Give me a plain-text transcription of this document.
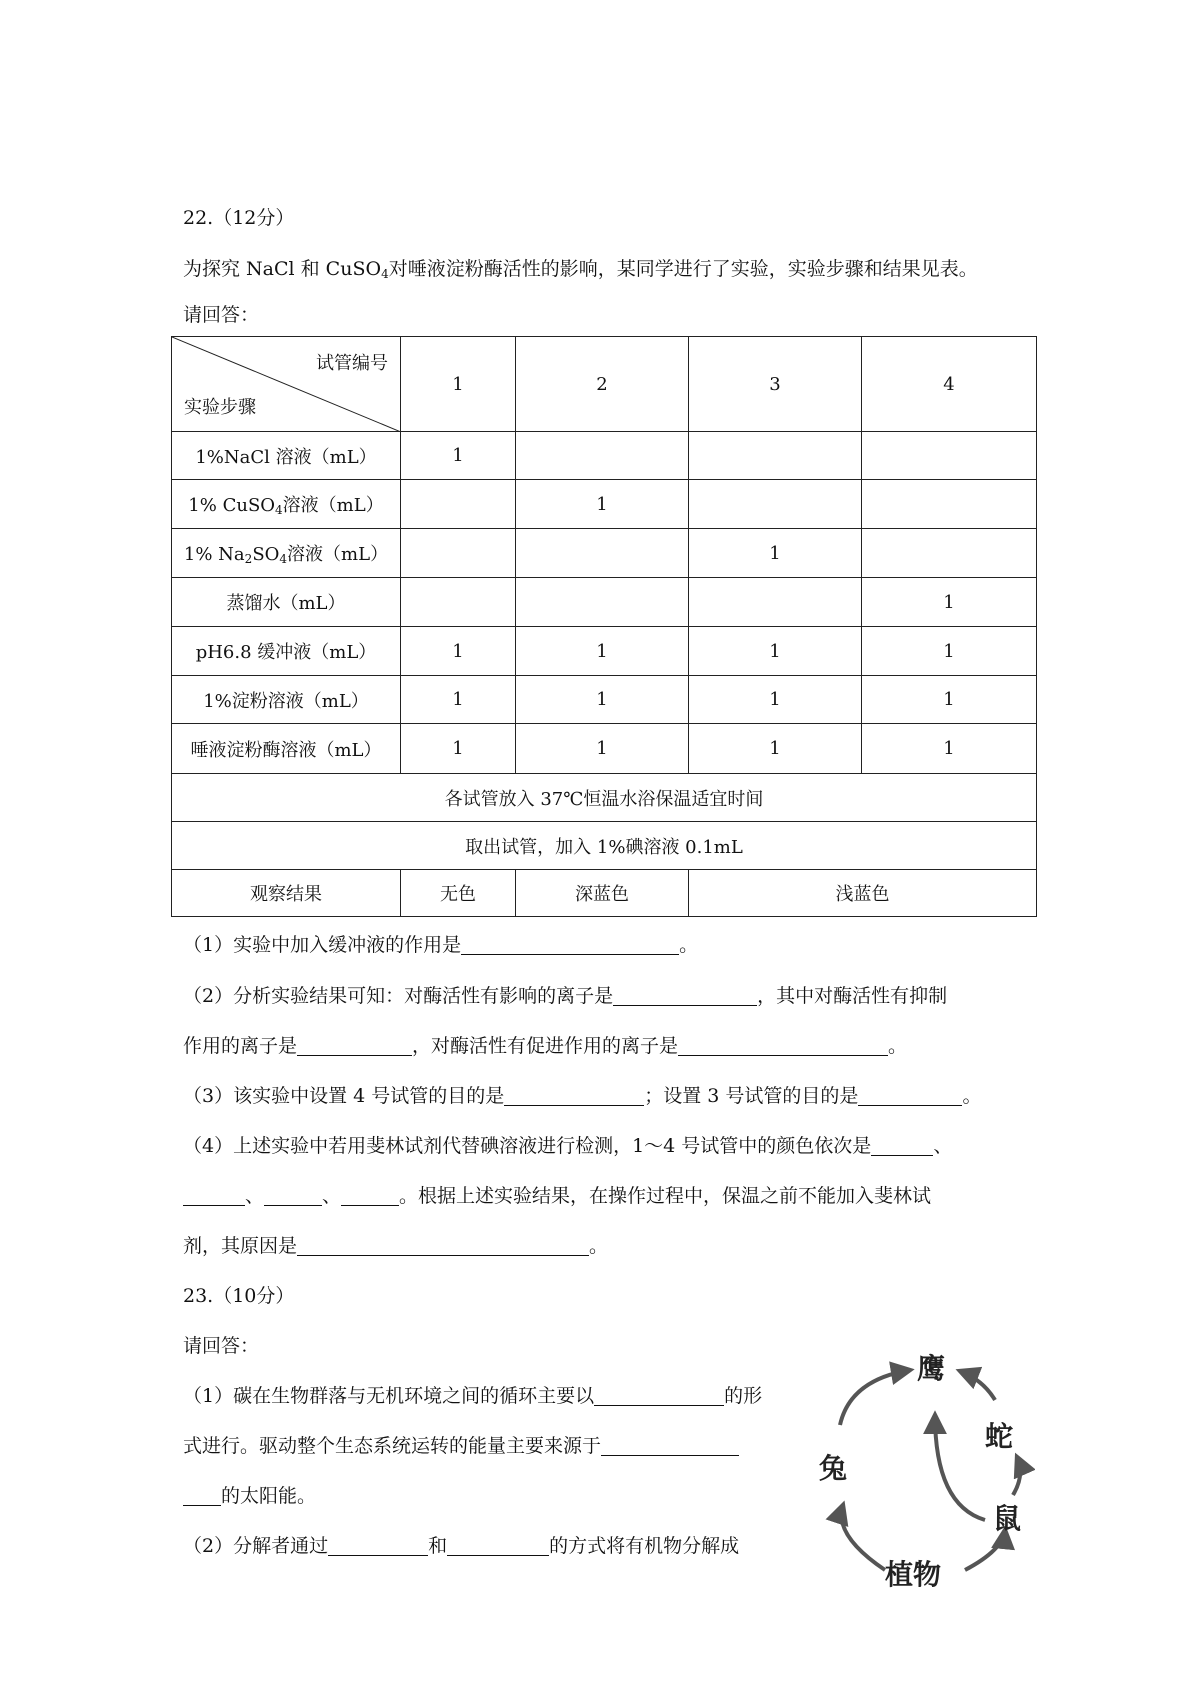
22.（12分）
为探究 NaCl 和 CuSO$_4$对唾液淀粉酶活性的影响，某同学进行了实验，实验步骤和结果见表。
请回答：
试管编号
实验步骤	1	2	3	4
1%NaCl 溶液（mL）	1			
1% CuSO$_4$溶液（mL）		1		
1% $Na_2SO_4$溶液（mL）			1	
蒸馏水（mL）				1
pH6.8 缓冲液（mL）	1	1	1	1
1%淀粉溶液（mL）	1	1	1	1
唾液淀粉酶溶液（mL）	1	1	1	1
各试管放入 37℃恒温水浴保温适宜时间				
取出试管，加入 1%碘溶液 0.1mL				
观察结果	无色	深蓝色	浅蓝色	
（1）实验中加入缓冲液的作用是	。
（2）分析实验结果可知：对酶活性有影响的离子是	，其中对酶活性有抑制
作用的离子是	，对酶活性有促进作用的离子是	。
（3）该实验中设置 4 号试管的目的是	；设置 3 号试管的目的是	。
（4）上述实验中若用斐林试剂代替碘溶液进行检测，1～4 号试管中的颜色依次是	、
、	、	。根据上述实验结果，在操作过程中，保温之前不能加入斐林试
剂，其原因是	。
23.（10分）
请回答：
（1）碳在生物群落与无机环境之间的循环主要以	的形
式进行。驱动整个生态系统运转的能量主要来源于
的太阳能。
（2）分解者通过	和	的方式将有机物分解成
鹰
蛇
兔
鼠
植物
